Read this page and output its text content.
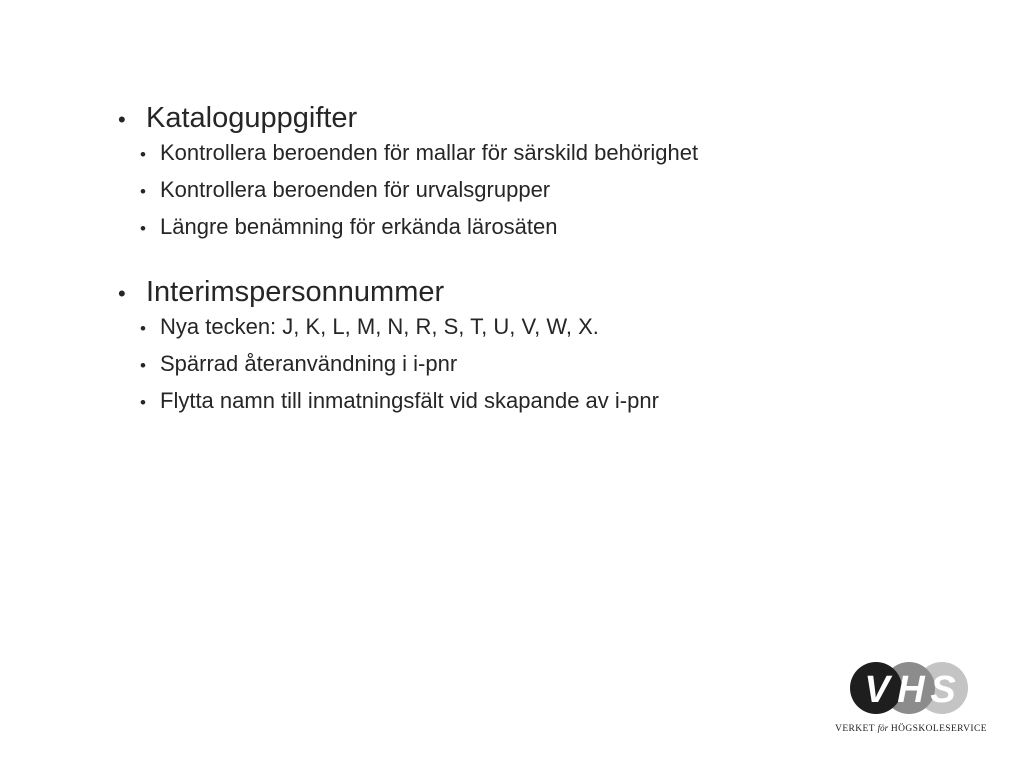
• Kataloguppgifter
• Kontrollera beroenden för mallar för särskild behörighet
• Kontrollera beroenden för urvalsgrupper
• Längre benämning för erkända lärosäten
• Interimspersonnummer
• Nya tecken: J, K, L, M, N, R, S, T, U, V, W, X.
• Spärrad återanvändning i i-pnr
• Flytta namn till inmatningsfält vid skapande av i-pnr
V H S
VERKET för HÖGSKOLESERVICE
